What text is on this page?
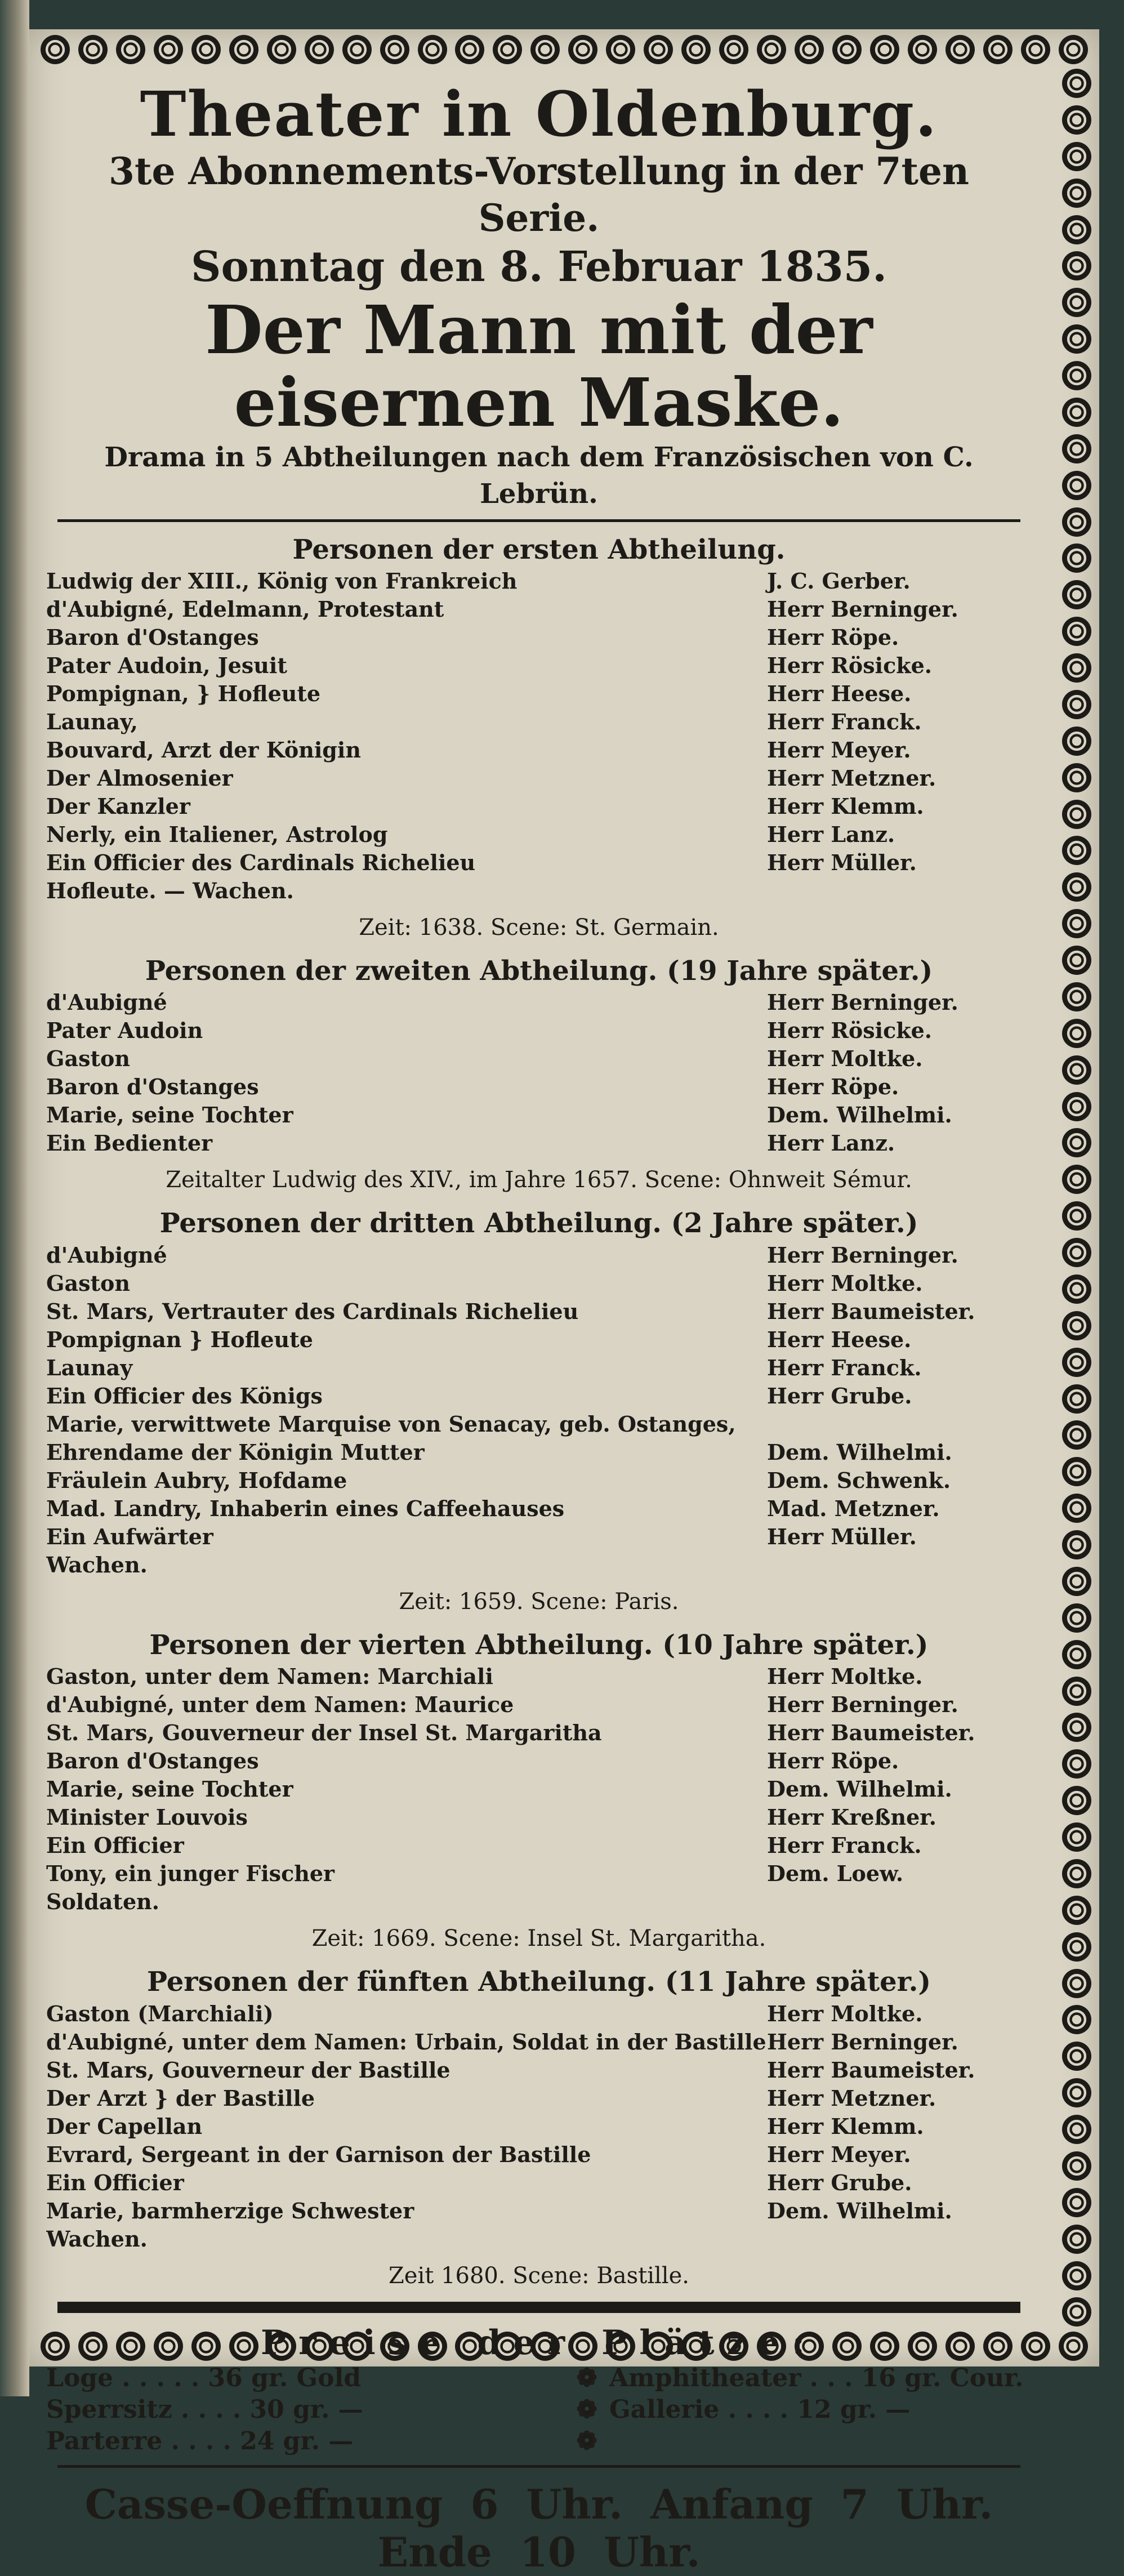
Theater in Oldenburg.
3te Abonnements-Vorstellung in der 7ten Serie.
Sonntag den 8. Februar 1835.
Der Mann mit der eisernen Maske.
Drama in 5 Abtheilungen nach dem Französischen von C. Lebrün.
Personen der ersten Abtheilung.
Ludwig der XIII., König von Frankreich	J. C. Gerber.
d'Aubigné, Edelmann, Protestant	Herr Berninger.
Baron d'Ostanges	Herr Röpe.
Pater Audoin, Jesuit	Herr Rösicke.
Pompignan, } Hofleute	Herr Heese.
Launay,	Herr Franck.
Bouvard, Arzt der Königin	Herr Meyer.
Der Almosenier	Herr Metzner.
Der Kanzler	Herr Klemm.
Nerly, ein Italiener, Astrolog	Herr Lanz.
Ein Officier des Cardinals Richelieu	Herr Müller.
Hofleute. — Wachen.
Zeit: 1638. Scene: St. Germain.
Personen der zweiten Abtheilung. (19 Jahre später.)
d'Aubigné	Herr Berninger.
Pater Audoin	Herr Rösicke.
Gaston	Herr Moltke.
Baron d'Ostanges	Herr Röpe.
Marie, seine Tochter	Dem. Wilhelmi.
Ein Bedienter	Herr Lanz.
Zeitalter Ludwig des XIV., im Jahre 1657. Scene: Ohnweit Sémur.
Personen der dritten Abtheilung. (2 Jahre später.)
d'Aubigné	Herr Berninger.
Gaston	Herr Moltke.
St. Mars, Vertrauter des Cardinals Richelieu	Herr Baumeister.
Pompignan } Hofleute	Herr Heese.
Launay	Herr Franck.
Ein Officier des Königs	Herr Grube.
Marie, verwittwete Marquise von Senacay, geb. Ostanges,
Ehrendame der Königin Mutter	Dem. Wilhelmi.
Fräulein Aubry, Hofdame	Dem. Schwenk.
Mad. Landry, Inhaberin eines Caffeehauses	Mad. Metzner.
Ein Aufwärter	Herr Müller.
Wachen.
Zeit: 1659. Scene: Paris.
Personen der vierten Abtheilung. (10 Jahre später.)
Gaston, unter dem Namen: Marchiali	Herr Moltke.
d'Aubigné, unter dem Namen: Maurice	Herr Berninger.
St. Mars, Gouverneur der Insel St. Margaritha	Herr Baumeister.
Baron d'Ostanges	Herr Röpe.
Marie, seine Tochter	Dem. Wilhelmi.
Minister Louvois	Herr Kreßner.
Ein Officier	Herr Franck.
Tony, ein junger Fischer	Dem. Loew.
Soldaten.
Zeit: 1669. Scene: Insel St. Margaritha.
Personen der fünften Abtheilung. (11 Jahre später.)
Gaston (Marchiali)	Herr Moltke.
d'Aubigné, unter dem Namen: Urbain, Soldat in der Bastille Herr Berninger.
St. Mars, Gouverneur der Bastille	Herr Baumeister.
Der Arzt } der Bastille	Herr Metzner.
Der Capellan	Herr Klemm.
Evrard, Sergeant in der Garnison der Bastille	Herr Meyer.
Ein Officier	Herr Grube.
Marie, barmherzige Schwester	Dem. Wilhelmi.
Wachen.
Zeit 1680. Scene: Bastille.
Preise der Plätze:
Loge . . . . . 36 gr. Gold	❁ Amphitheater . . . 16 gr. Cour.
Sperrsitz . . . . 30 gr. —	❁ Gallerie . . . . 12 gr. —
Parterre . . . . 24 gr. —	❁
Casse-Oeffnung 6 Uhr. Anfang 7 Uhr. Ende 10 Uhr.
